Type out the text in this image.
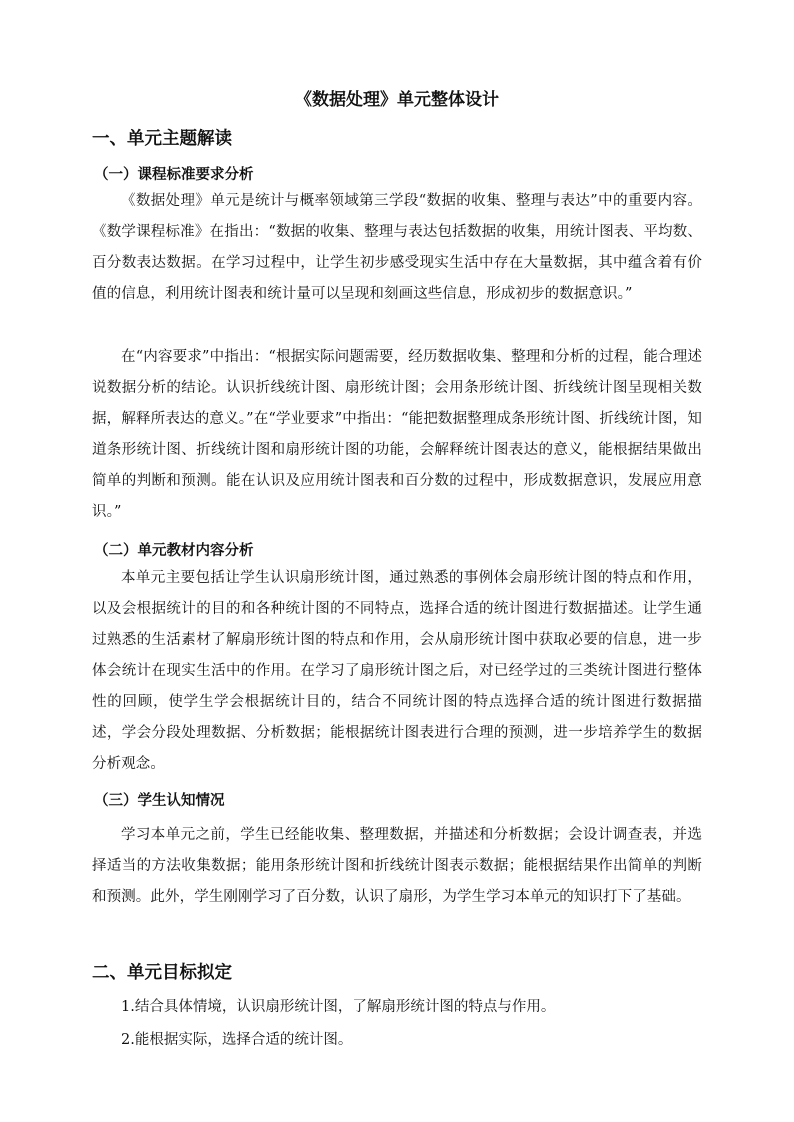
《数据处理》单元整体设计
一、单元主题解读
（一）课程标准要求分析

《数据处理》单元是统计与概率领域第三学段“数据的收集、整理与表达”中的重要内容。《数学课程标准》在指出：“数据的收集、整理与表达包括数据的收集，用统计图表、平均数、百分数表达数据。在学习过程中，让学生初步感受现实生活中存在大量数据，其中蕴含着有价值的信息，利用统计图表和统计量可以呈现和刻画这些信息，形成初步的数据意识。”

在“内容要求”中指出：“根据实际问题需要，经历数据收集、整理和分析的过程，能合理述说数据分析的结论。认识折线统计图、扇形统计图；会用条形统计图、折线统计图呈现相关数据，解释所表达的意义。”在“学业要求”中指出：“能把数据整理成条形统计图、折线统计图，知道条形统计图、折线统计图和扇形统计图的功能，会解释统计图表达的意义，能根据结果做出简单的判断和预测。能在认识及应用统计图表和百分数的过程中，形成数据意识，发展应用意识。”

（二）单元教材内容分析

本单元主要包括让学生认识扇形统计图，通过熟悉的事例体会扇形统计图的特点和作用，以及会根据统计的目的和各种统计图的不同特点，选择合适的统计图进行数据描述。让学生通过熟悉的生活素材了解扇形统计图的特点和作用，会从扇形统计图中获取必要的信息，进一步体会统计在现实生活中的作用。在学习了扇形统计图之后，对已经学过的三类统计图进行整体性的回顾，使学生学会根据统计目的，结合不同统计图的特点选择合适的统计图进行数据描述，学会分段处理数据、分析数据；能根据统计图表进行合理的预测，进一步培养学生的数据分析观念。

（三）学生认知情况

学习本单元之前，学生已经能收集、整理数据，并描述和分析数据；会设计调查表，并选择适当的方法收集数据；能用条形统计图和折线统计图表示数据；能根据结果作出简单的判断和预测。此外，学生刚刚学习了百分数，认识了扇形，为学生学习本单元的知识打下了基础。

二、单元目标拟定

1.结合具体情境，认识扇形统计图，了解扇形统计图的特点与作用。

2.能根据实际，选择合适的统计图。
